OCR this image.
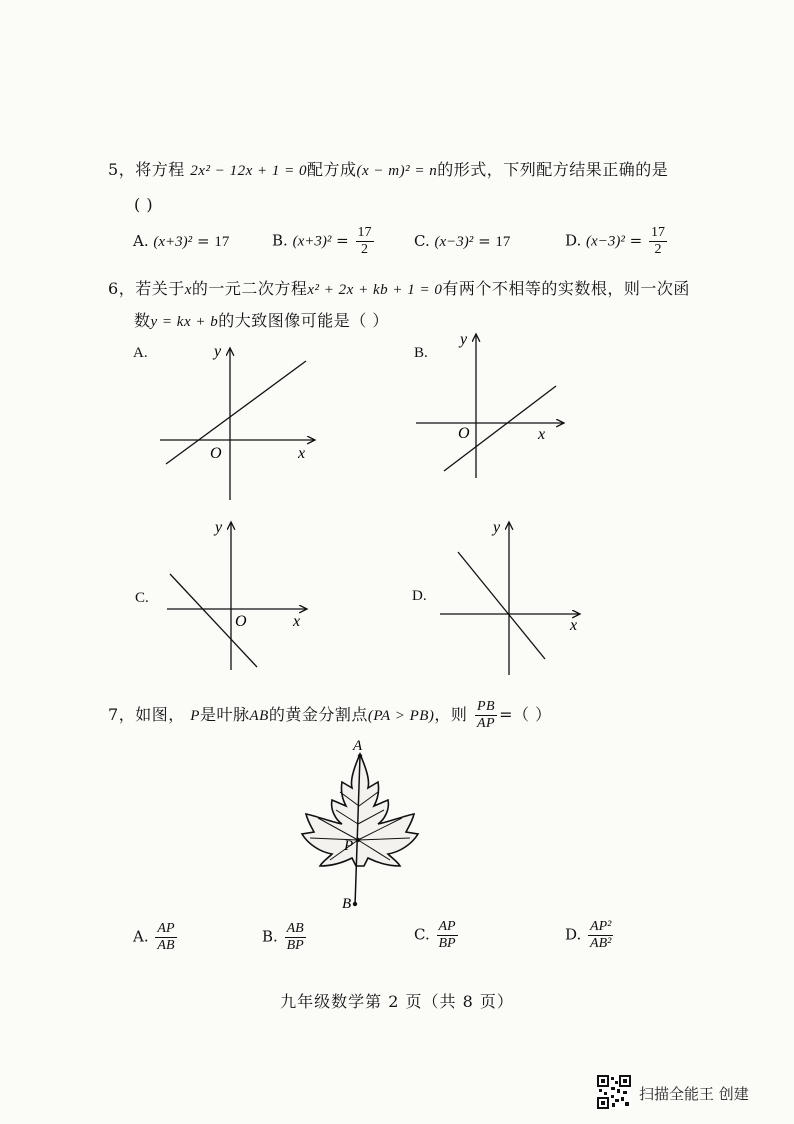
5，将方程 2x² − 12x + 1 = 0配方成(x − m)² = n的形式，下列配方结果正确的是
( )
A. (x+3)² = 17	B. $(x+3)^2 = \frac{17}{2}$	C. (x−3)² = 17	D. $(x-3)^2 = \frac{17}{2}$
6，若关于x的一元二次方程x² + 2x + kb + 1 = 0有两个不相等的实数根，则一次函
数y = kx + b的大致图像可能是（ ）
A.
x
y
O
B.
x
y
O
C.
x
y
O
D.
x
y
7，如图， P是叶脉AB的黄金分割点(PA > PB)，则 $\frac{PB}{AP}$ =（ ）
A
P
B
A. $\frac{AP}{AB}$	B. $\frac{AB}{BP}$	C. $\frac{AP}{BP}$	D. $\frac{\text{AP²}}{\text{AB²}}$
九年级数学第 2 页（共 8 页）
扫描全能王 创建
